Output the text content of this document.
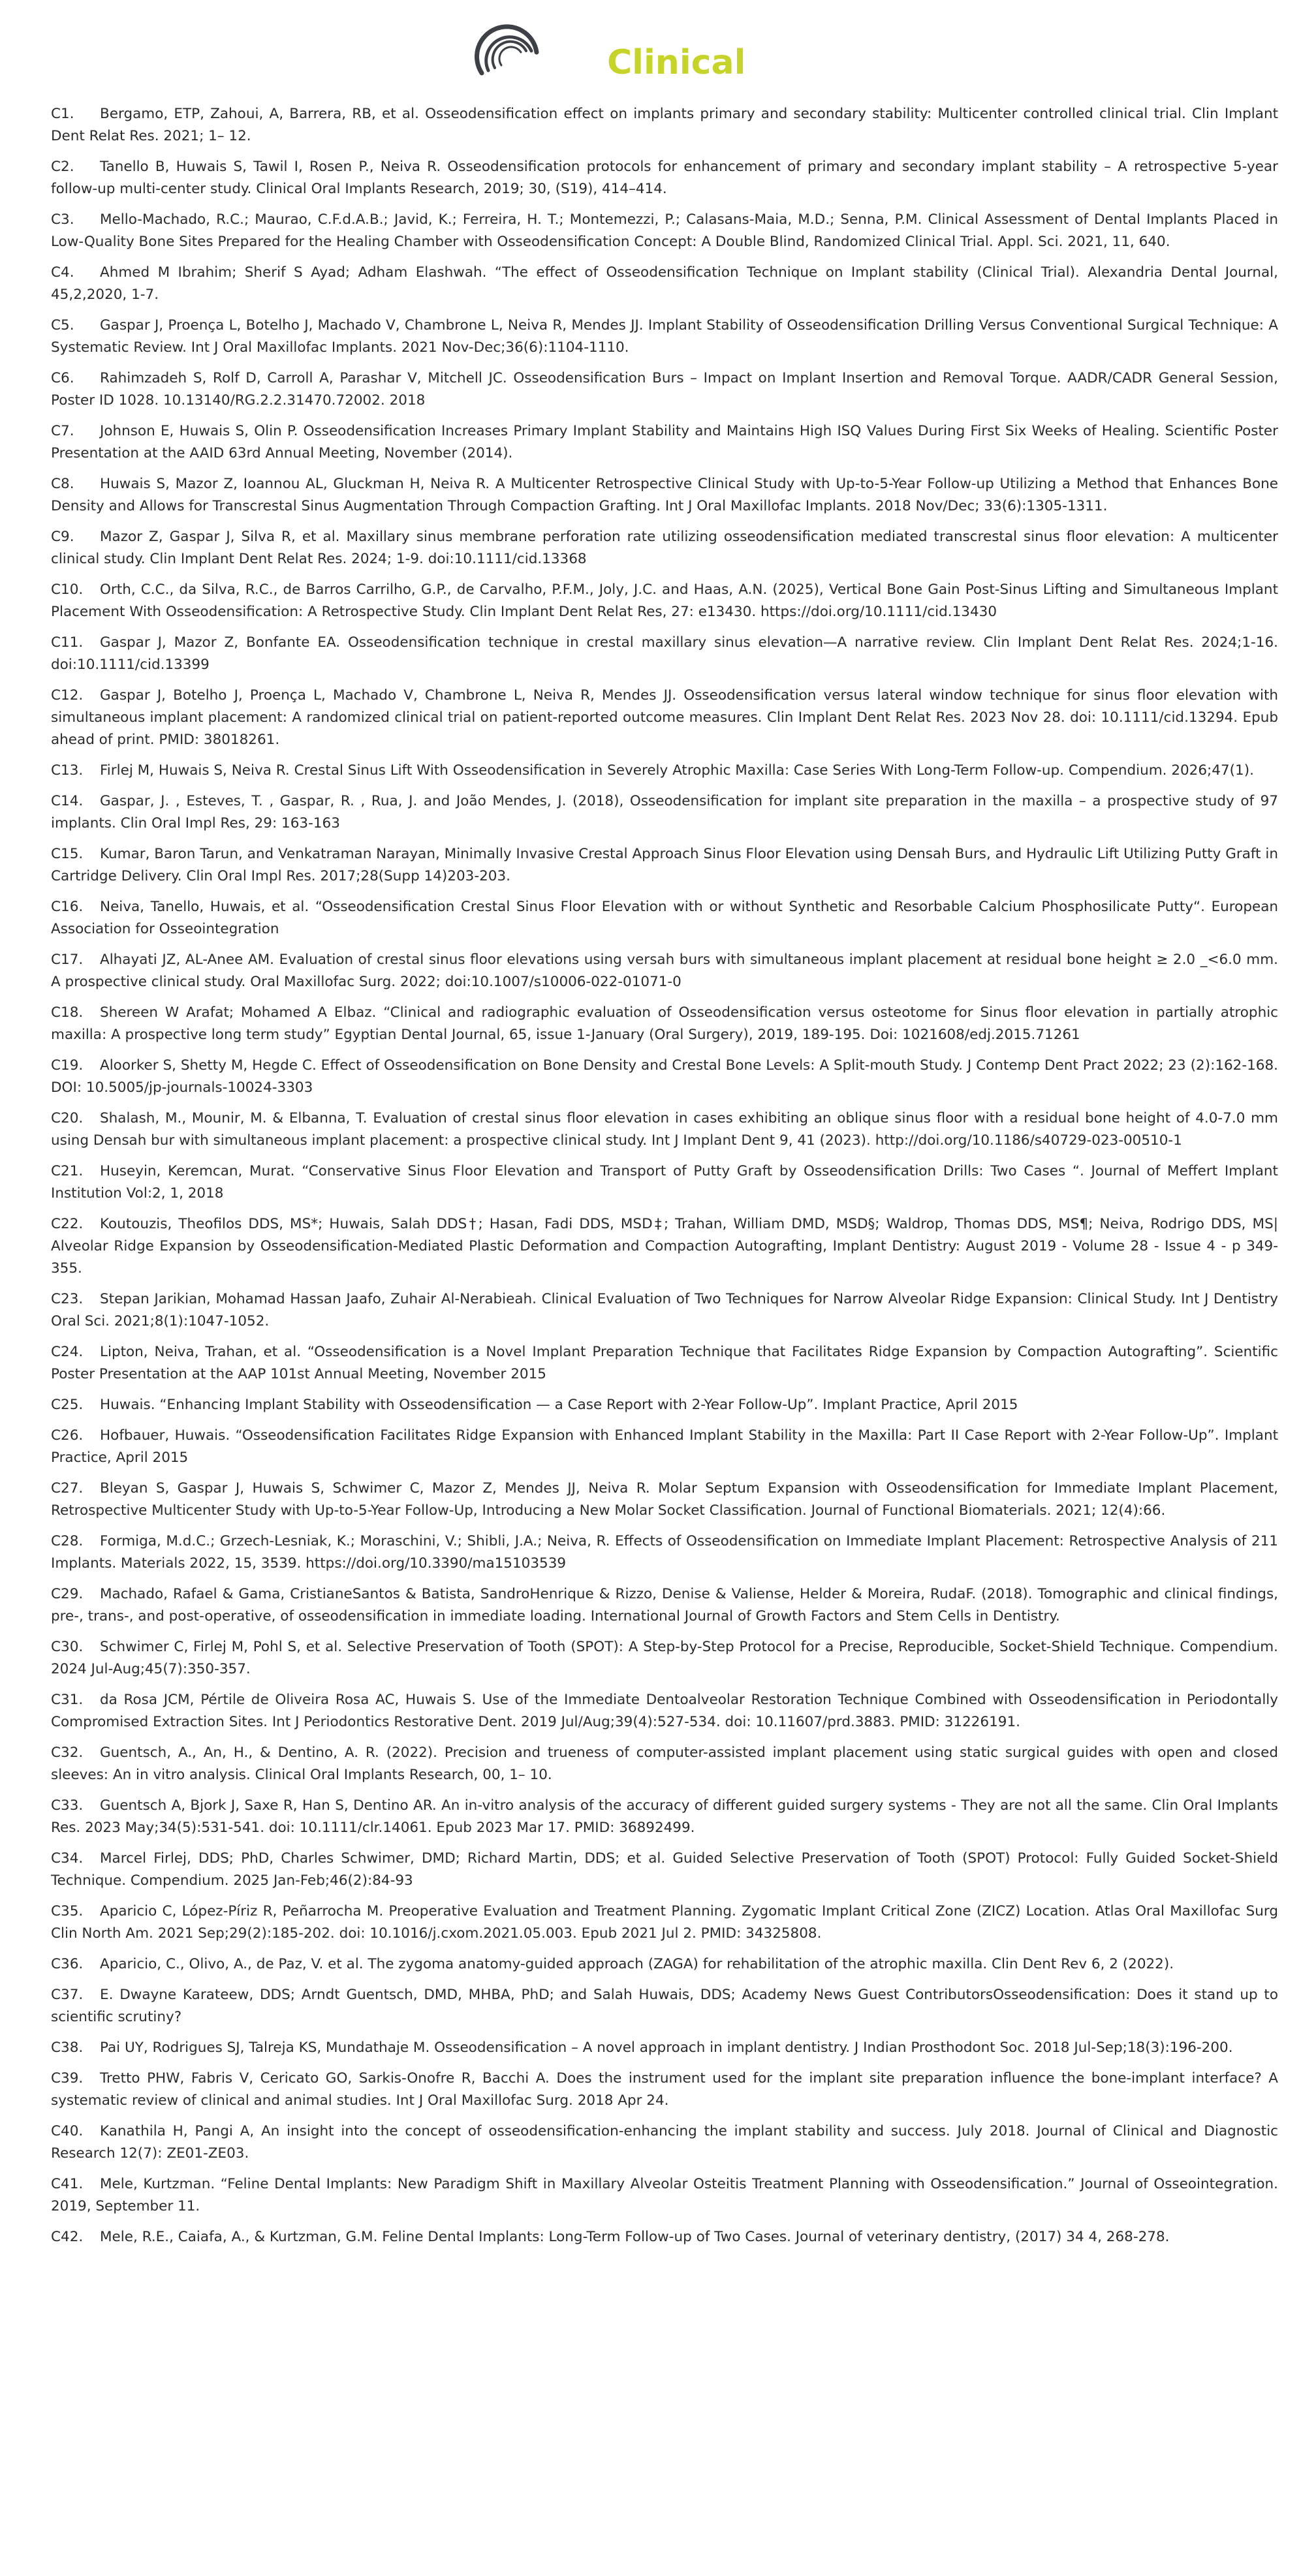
Clinical
C1. Bergamo, ETP, Zahoui, A, Barrera, RB, et al. Osseodensification effect on implants primary and secondary stability: Multicenter controlled clinical trial. Clin Implant Dent Relat Res. 2021; 1– 12.
C2. Tanello B, Huwais S, Tawil I, Rosen P., Neiva R. Osseodensification protocols for enhancement of primary and secondary implant stability – A retrospective 5-year follow-up multi-center study. Clinical Oral Implants Research, 2019; 30, (S19), 414–414.
C3. Mello-Machado, R.C.; Maurao, C.F.d.A.B.; Javid, K.; Ferreira, H. T.; Montemezzi, P.; Calasans-Maia, M.D.; Senna, P.M. Clinical Assessment of Dental Implants Placed in Low-Quality Bone Sites Prepared for the Healing Chamber with Osseodensification Concept: A Double Blind, Randomized Clinical Trial. Appl. Sci. 2021, 11, 640.
C4. Ahmed M Ibrahim; Sherif S Ayad; Adham Elashwah. “The effect of Osseodensification Technique on Implant stability (Clinical Trial). Alexandria Dental Journal, 45,2,2020, 1-7.
C5. Gaspar J, Proença L, Botelho J, Machado V, Chambrone L, Neiva R, Mendes JJ. Implant Stability of Osseodensification Drilling Versus Conventional Surgical Technique: A Systematic Review. Int J Oral Maxillofac Implants. 2021 Nov-Dec;36(6):1104-1110.
C6. Rahimzadeh S, Rolf D, Carroll A, Parashar V, Mitchell JC. Osseodensification Burs – Impact on Implant Insertion and Removal Torque. AADR/CADR General Session, Poster ID 1028. 10.13140/RG.2.2.31470.72002. 2018
C7. Johnson E, Huwais S, Olin P. Osseodensification Increases Primary Implant Stability and Maintains High ISQ Values During First Six Weeks of Healing. Scientific Poster Presentation at the AAID 63rd Annual Meeting, November (2014).
C8. Huwais S, Mazor Z, Ioannou AL, Gluckman H, Neiva R. A Multicenter Retrospective Clinical Study with Up-to-5-Year Follow-up Utilizing a Method that Enhances Bone Density and Allows for Transcrestal Sinus Augmentation Through Compaction Grafting. Int J Oral Maxillofac Implants. 2018 Nov/Dec; 33(6):1305-1311.
C9. Mazor Z, Gaspar J, Silva R, et al. Maxillary sinus membrane perforation rate utilizing osseodensification mediated transcrestal sinus floor elevation: A multicenter clinical study. Clin Implant Dent Relat Res. 2024; 1-9. doi:10.1111/cid.13368
C10. Orth, C.C., da Silva, R.C., de Barros Carrilho, G.P., de Carvalho, P.F.M., Joly, J.C. and Haas, A.N. (2025), Vertical Bone Gain Post-Sinus Lifting and Simultaneous Implant Placement With Osseodensification: A Retrospective Study. Clin Implant Dent Relat Res, 27: e13430. https://doi.org/10.1111/cid.13430
C11. Gaspar J, Mazor Z, Bonfante EA. Osseodensification technique in crestal maxillary sinus elevation—A narrative review. Clin Implant Dent Relat Res. 2024;1-16. doi:10.1111/cid.13399
C12. Gaspar J, Botelho J, Proença L, Machado V, Chambrone L, Neiva R, Mendes JJ. Osseodensification versus lateral window technique for sinus floor elevation with simultaneous implant placement: A randomized clinical trial on patient-reported outcome measures. Clin Implant Dent Relat Res. 2023 Nov 28. doi: 10.1111/cid.13294. Epub ahead of print. PMID: 38018261.
C13. Firlej M, Huwais S, Neiva R. Crestal Sinus Lift With Osseodensification in Severely Atrophic Maxilla: Case Series With Long-Term Follow-up. Compendium. 2026;47(1).
C14. Gaspar, J. , Esteves, T. , Gaspar, R. , Rua, J. and João Mendes, J. (2018), Osseodensification for implant site preparation in the maxilla – a prospective study of 97 implants. Clin Oral Impl Res, 29: 163-163
C15. Kumar, Baron Tarun, and Venkatraman Narayan, Minimally Invasive Crestal Approach Sinus Floor Elevation using Densah Burs, and Hydraulic Lift Utilizing Putty Graft in Cartridge Delivery. Clin Oral Impl Res. 2017;28(Supp 14)203-203.
C16. Neiva, Tanello, Huwais, et al. “Osseodensification Crestal Sinus Floor Elevation with or without Synthetic and Resorbable Calcium Phosphosilicate Putty“. European Association for Osseointegration
C17. Alhayati JZ, AL-Anee AM. Evaluation of crestal sinus floor elevations using versah burs with simultaneous implant placement at residual bone height ≥ 2.0 _<6.0 mm. A prospective clinical study. Oral Maxillofac Surg. 2022; doi:10.1007/s10006-022-01071-0
C18. Shereen W Arafat; Mohamed A Elbaz. “Clinical and radiographic evaluation of Osseodensification versus osteotome for Sinus floor elevation in partially atrophic maxilla: A prospective long term study” Egyptian Dental Journal, 65, issue 1-January (Oral Surgery), 2019, 189-195. Doi: 1021608/edj.2015.71261
C19. Aloorker S, Shetty M, Hegde C. Effect of Osseodensification on Bone Density and Crestal Bone Levels: A Split-mouth Study. J Contemp Dent Pract 2022; 23 (2):162-168. DOI: 10.5005/jp-journals-10024-3303
C20. Shalash, M., Mounir, M. & Elbanna, T. Evaluation of crestal sinus floor elevation in cases exhibiting an oblique sinus floor with a residual bone height of 4.0-7.0 mm using Densah bur with simultaneous implant placement: a prospective clinical study. Int J Implant Dent 9, 41 (2023). http://doi.org/10.1186/s40729-023-00510-1
C21. Huseyin, Keremcan, Murat. “Conservative Sinus Floor Elevation and Transport of Putty Graft by Osseodensification Drills: Two Cases “. Journal of Meffert Implant Institution Vol:2, 1, 2018
C22. Koutouzis, Theofilos DDS, MS*; Huwais, Salah DDS†; Hasan, Fadi DDS, MSD‡; Trahan, William DMD, MSD§; Waldrop, Thomas DDS, MS¶; Neiva, Rodrigo DDS, MS| Alveolar Ridge Expansion by Osseodensification-Mediated Plastic Deformation and Compaction Autografting, Implant Dentistry: August 2019 - Volume 28 - Issue 4 - p 349-355.
C23. Stepan Jarikian, Mohamad Hassan Jaafo, Zuhair Al-Nerabieah. Clinical Evaluation of Two Techniques for Narrow Alveolar Ridge Expansion: Clinical Study. Int J Dentistry Oral Sci. 2021;8(1):1047-1052.
C24. Lipton, Neiva, Trahan, et al. “Osseodensification is a Novel Implant Preparation Technique that Facilitates Ridge Expansion by Compaction Autografting”. Scientific Poster Presentation at the AAP 101st Annual Meeting, November 2015
C25. Huwais. “Enhancing Implant Stability with Osseodensification — a Case Report with 2-Year Follow-Up”. Implant Practice, April 2015
C26. Hofbauer, Huwais. “Osseodensification Facilitates Ridge Expansion with Enhanced Implant Stability in the Maxilla: Part II Case Report with 2-Year Follow-Up”. Implant Practice, April 2015
C27. Bleyan S, Gaspar J, Huwais S, Schwimer C, Mazor Z, Mendes JJ, Neiva R. Molar Septum Expansion with Osseodensification for Immediate Implant Placement, Retrospective Multicenter Study with Up-to-5-Year Follow-Up, Introducing a New Molar Socket Classification. Journal of Functional Biomaterials. 2021; 12(4):66.
C28. Formiga, M.d.C.; Grzech-Lesniak, K.; Moraschini, V.; Shibli, J.A.; Neiva, R. Effects of Osseodensification on Immediate Implant Placement: Retrospective Analysis of 211 Implants. Materials 2022, 15, 3539. https://doi.org/10.3390/ma15103539
C29. Machado, Rafael & Gama, CristianeSantos & Batista, SandroHenrique & Rizzo, Denise & Valiense, Helder & Moreira, RudaF. (2018). Tomographic and clinical findings, pre-, trans-, and post-operative, of osseodensification in immediate loading. International Journal of Growth Factors and Stem Cells in Dentistry.
C30. Schwimer C, Firlej M, Pohl S, et al. Selective Preservation of Tooth (SPOT): A Step-by-Step Protocol for a Precise, Reproducible, Socket-Shield Technique. Compendium. 2024 Jul-Aug;45(7):350-357.
C31. da Rosa JCM, Pértile de Oliveira Rosa AC, Huwais S. Use of the Immediate Dentoalveolar Restoration Technique Combined with Osseodensification in Periodontally Compromised Extraction Sites. Int J Periodontics Restorative Dent. 2019 Jul/Aug;39(4):527-534. doi: 10.11607/prd.3883. PMID: 31226191.
C32. Guentsch, A., An, H., & Dentino, A. R. (2022). Precision and trueness of computer-assisted implant placement using static surgical guides with open and closed sleeves: An in vitro analysis. Clinical Oral Implants Research, 00, 1– 10.
C33. Guentsch A, Bjork J, Saxe R, Han S, Dentino AR. An in-vitro analysis of the accuracy of different guided surgery systems - They are not all the same. Clin Oral Implants Res. 2023 May;34(5):531-541. doi: 10.1111/clr.14061. Epub 2023 Mar 17. PMID: 36892499.
C34. Marcel Firlej, DDS; PhD, Charles Schwimer, DMD; Richard Martin, DDS; et al. Guided Selective Preservation of Tooth (SPOT) Protocol: Fully Guided Socket-Shield Technique. Compendium. 2025 Jan-Feb;46(2):84-93
C35. Aparicio C, López-Píriz R, Peñarrocha M. Preoperative Evaluation and Treatment Planning. Zygomatic Implant Critical Zone (ZICZ) Location. Atlas Oral Maxillofac Surg Clin North Am. 2021 Sep;29(2):185-202. doi: 10.1016/j.cxom.2021.05.003. Epub 2021 Jul 2. PMID: 34325808.
C36. Aparicio, C., Olivo, A., de Paz, V. et al. The zygoma anatomy-guided approach (ZAGA) for rehabilitation of the atrophic maxilla. Clin Dent Rev 6, 2 (2022).
C37. E. Dwayne Karateew, DDS; Arndt Guentsch, DMD, MHBA, PhD; and Salah Huwais, DDS; Academy News Guest ContributorsOsseodensification: Does it stand up to scientific scrutiny?
C38. Pai UY, Rodrigues SJ, Talreja KS, Mundathaje M. Osseodensification – A novel approach in implant dentistry. J Indian Prosthodont Soc. 2018 Jul-Sep;18(3):196-200.
C39. Tretto PHW, Fabris V, Cericato GO, Sarkis-Onofre R, Bacchi A. Does the instrument used for the implant site preparation influence the bone-implant interface? A systematic review of clinical and animal studies. Int J Oral Maxillofac Surg. 2018 Apr 24.
C40. Kanathila H, Pangi A, An insight into the concept of osseodensification-enhancing the implant stability and success. July 2018. Journal of Clinical and Diagnostic Research 12(7): ZE01-ZE03.
C41. Mele, Kurtzman. “Feline Dental Implants: New Paradigm Shift in Maxillary Alveolar Osteitis Treatment Planning with Osseodensification.” Journal of Osseointegration. 2019, September 11.
C42. Mele, R.E., Caiafa, A., & Kurtzman, G.M. Feline Dental Implants: Long-Term Follow-up of Two Cases. Journal of veterinary dentistry, (2017) 34 4, 268-278.
